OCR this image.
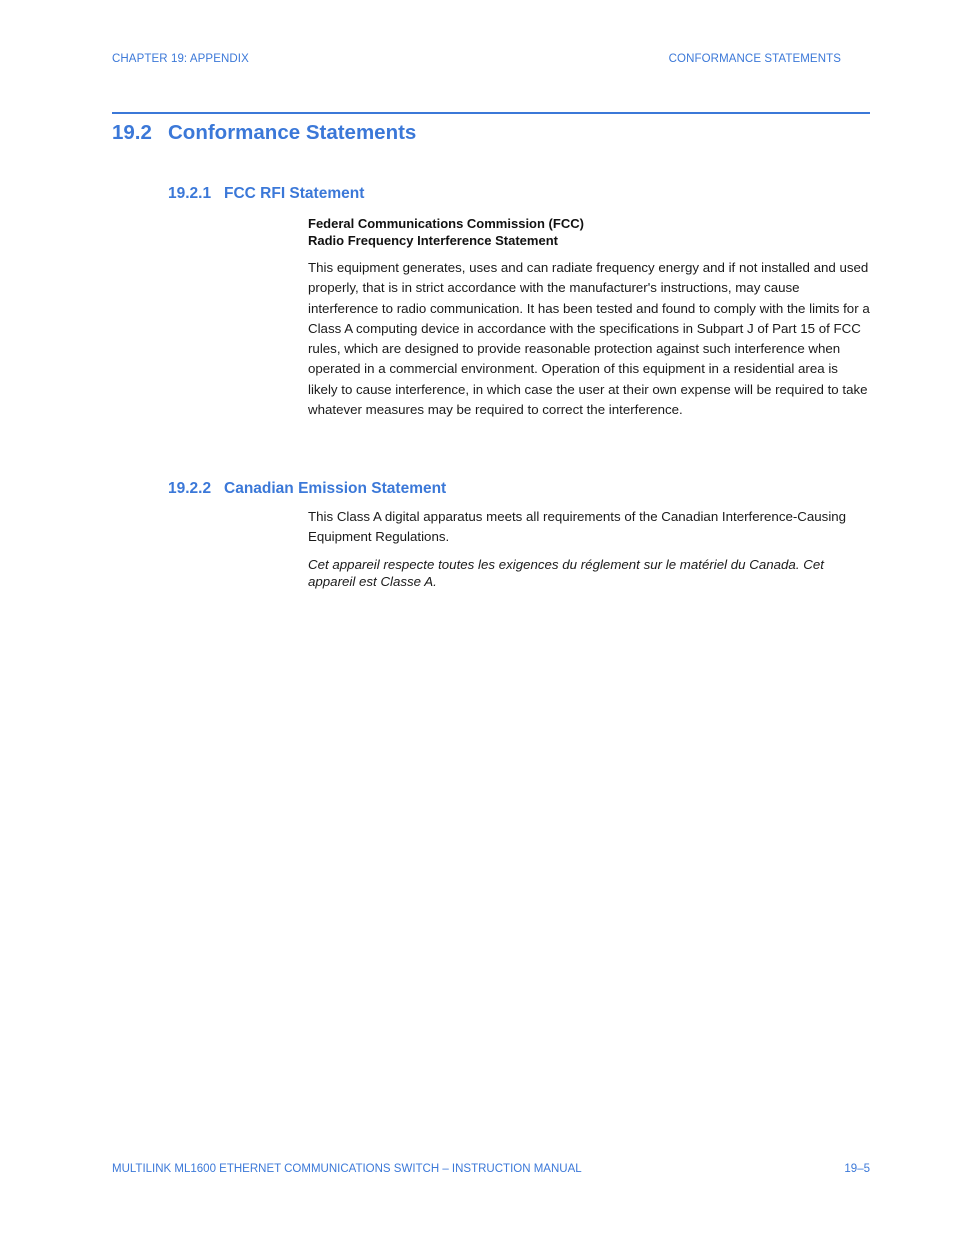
CHAPTER 19: APPENDIX	CONFORMANCE STATEMENTS
19.2 Conformance Statements
19.2.1 FCC RFI Statement

Federal Communications Commission (FCC)
Radio Frequency Interference Statement

This equipment generates, uses and can radiate frequency energy and if not installed and used properly, that is in strict accordance with the manufacturer's instructions, may cause interference to radio communication. It has been tested and found to comply with the limits for a Class A computing device in accordance with the specifications in Subpart J of Part 15 of FCC rules, which are designed to provide reasonable protection against such interference when operated in a commercial environment. Operation of this equipment in a residential area is likely to cause interference, in which case the user at their own expense will be required to take whatever measures may be required to correct the interference.

19.2.2 Canadian Emission Statement

This Class A digital apparatus meets all requirements of the Canadian Interference-Causing Equipment Regulations.

Cet appareil respecte toutes les exigences du réglement sur le matériel du Canada. Cet appareil est Classe A.

MULTILINK ML1600 ETHERNET COMMUNICATIONS SWITCH – INSTRUCTION MANUAL	19–5
